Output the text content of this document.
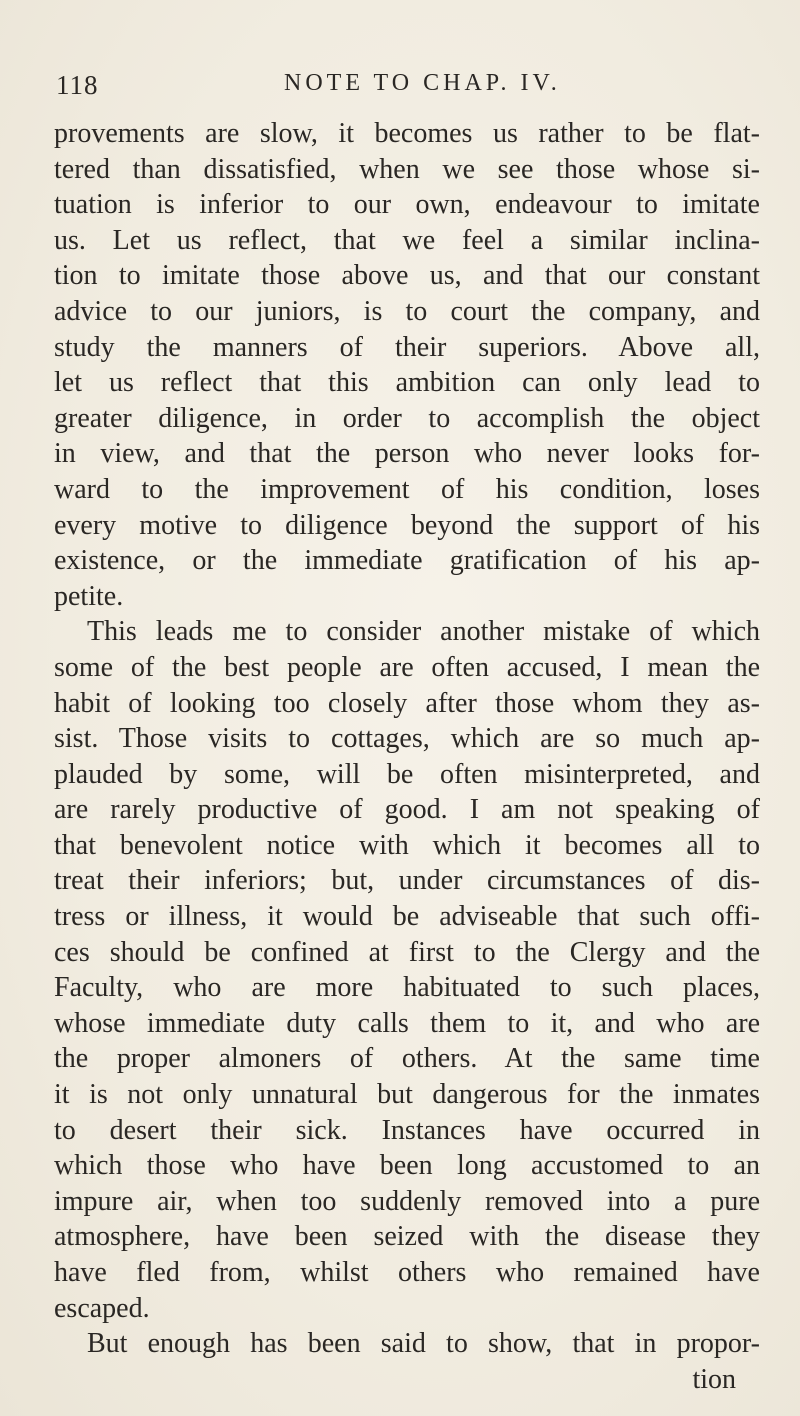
118	NOTE TO CHAP. IV.
provements are slow, it becomes us rather to be flat-
tered than dissatisfied, when we see those whose si-
tuation is inferior to our own, endeavour to imitate
us. Let us reflect, that we feel a similar inclina-
tion to imitate those above us, and that our constant
advice to our juniors, is to court the company, and
study the manners of their superiors. Above all,
let us reflect that this ambition can only lead to
greater diligence, in order to accomplish the object
in view, and that the person who never looks for-
ward to the improvement of his condition, loses
every motive to diligence beyond the support of his
existence, or the immediate gratification of his ap-
petite.
This leads me to consider another mistake of which
some of the best people are often accused, I mean the
habit of looking too closely after those whom they as-
sist. Those visits to cottages, which are so much ap-
plauded by some, will be often misinterpreted, and
are rarely productive of good. I am not speaking of
that benevolent notice with which it becomes all to
treat their inferiors; but, under circumstances of dis-
tress or illness, it would be adviseable that such offi-
ces should be confined at first to the Clergy and the
Faculty, who are more habituated to such places,
whose immediate duty calls them to it, and who are
the proper almoners of others. At the same time
it is not only unnatural but dangerous for the inmates
to desert their sick. Instances have occurred in
which those who have been long accustomed to an
impure air, when too suddenly removed into a pure
atmosphere, have been seized with the disease they
have fled from, whilst others who remained have
escaped.
But enough has been said to show, that in propor-
tion
